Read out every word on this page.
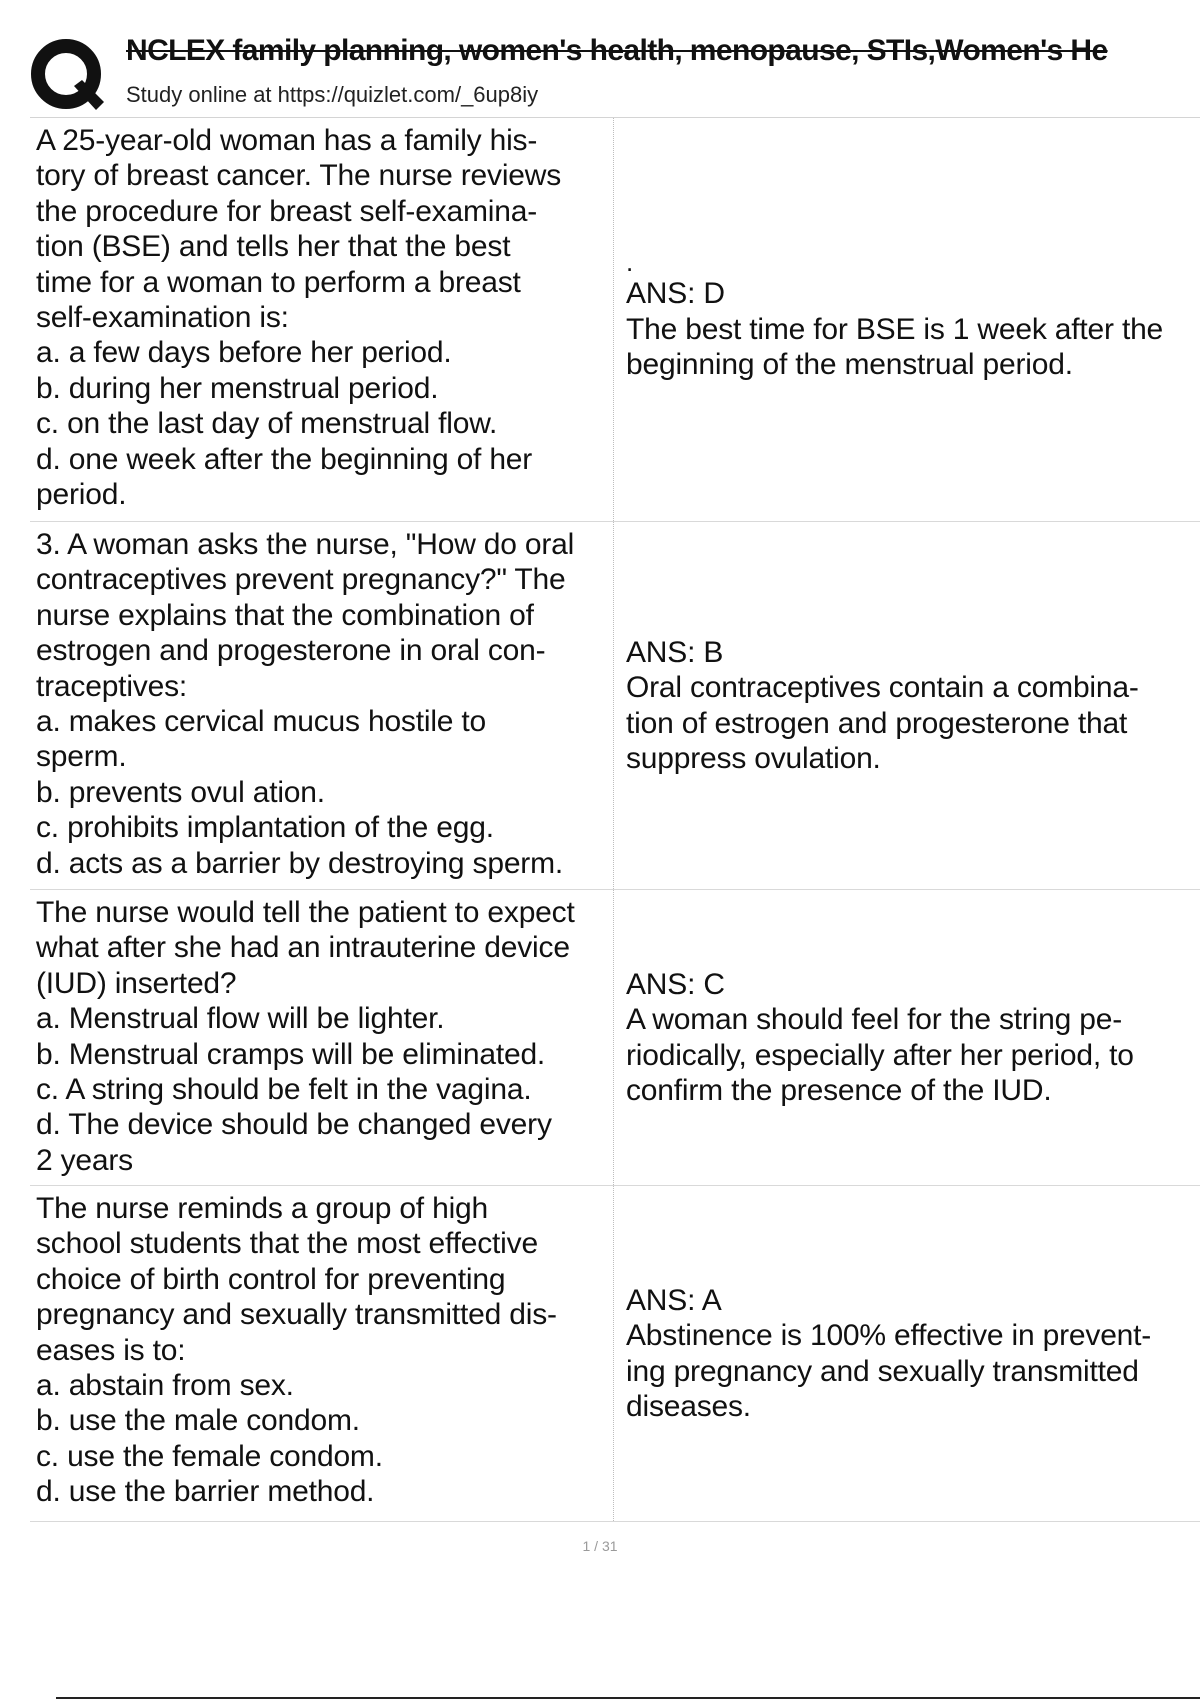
NCLEX family planning, women's health, menopause, STIs,Women's He
Study online at https://quizlet.com/_6up8iy
A 25-year-old woman has a family his-
tory of breast cancer. The nurse reviews
the procedure for breast self-examina-
tion (BSE) and tells her that the best
time for a woman to perform a breast
self-examination is:
a. a few days before her period.
b. during her menstrual period.
c. on the last day of menstrual flow.
d. one week after the beginning of her
period.
.
ANS: D
The best time for BSE is 1 week after the
beginning of the menstrual period.
3. A woman asks the nurse, "How do oral
contraceptives prevent pregnancy?" The
nurse explains that the combination of
estrogen and progesterone in oral con-
traceptives:
a. makes cervical mucus hostile to
sperm.
b. prevents ovul ation.
c. prohibits implantation of the egg.
d. acts as a barrier by destroying sperm.
ANS: B
Oral contraceptives contain a combina-
tion of estrogen and progesterone that
suppress ovulation.
The nurse would tell the patient to expect
what after she had an intrauterine device
(IUD) inserted?
a. Menstrual flow will be lighter.
b. Menstrual cramps will be eliminated.
c. A string should be felt in the vagina.
d. The device should be changed every
2 years
ANS: C
A woman should feel for the string pe-
riodically, especially after her period, to
confirm the presence of the IUD.
The nurse reminds a group of high
school students that the most effective
choice of birth control for preventing
pregnancy and sexually transmitted dis-
eases is to:
a. abstain from sex.
b. use the male condom.
c. use the female condom.
d. use the barrier method.
ANS: A
Abstinence is 100% effective in prevent-
ing pregnancy and sexually transmitted
diseases.
1 / 31
